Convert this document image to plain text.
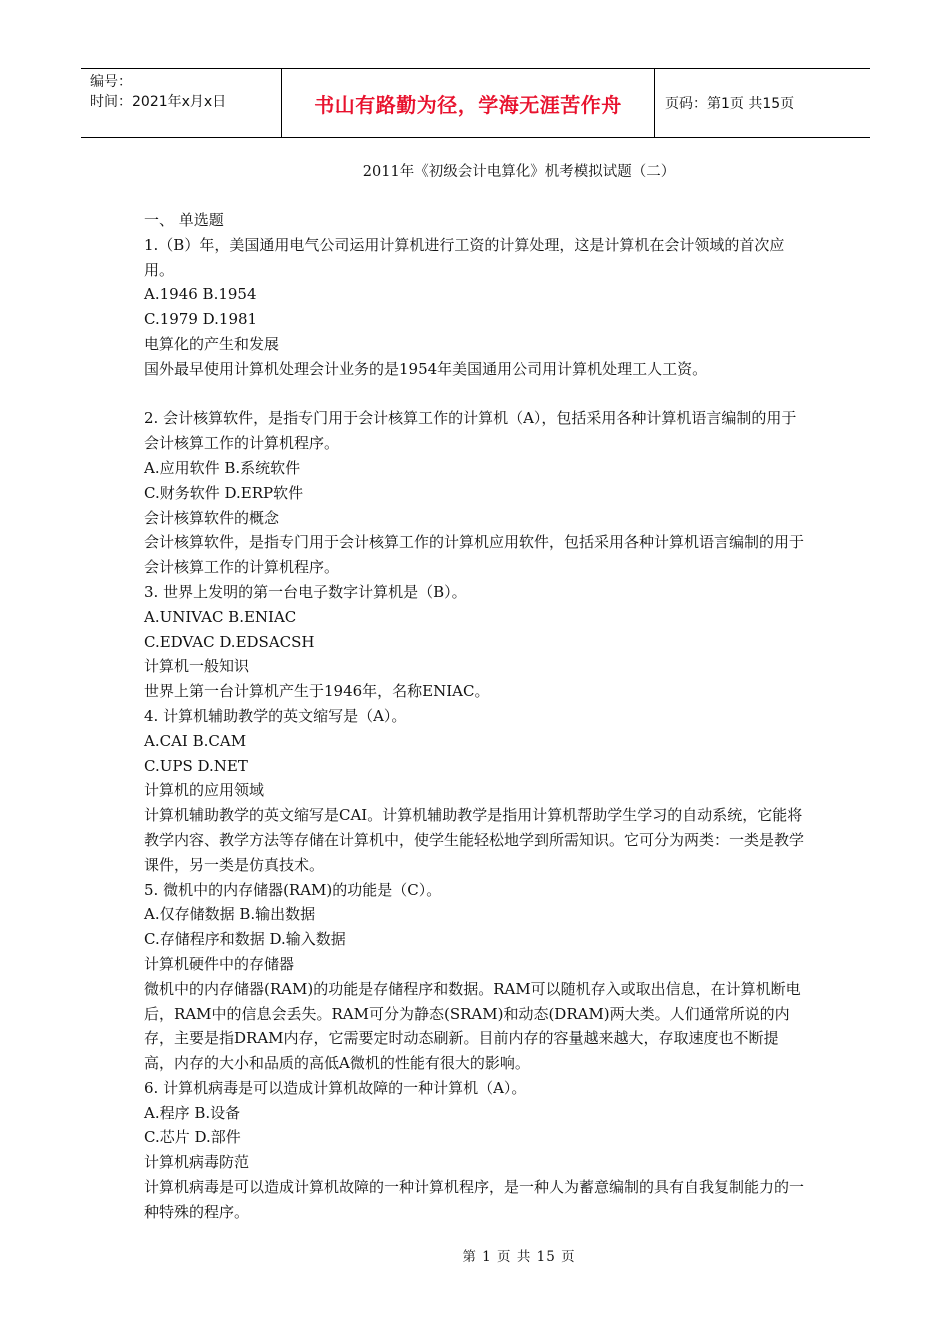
编号：
时间：2021年x月x日	书山有路勤为径，学海无涯苦作舟	页码：第1页 共15页
2011年《初级会计电算化》机考模拟试题（二）
一、 单选题
1.（B）年，美国通用电气公司运用计算机进行工资的计算处理，这是计算机在会计领域的首次应用。
A.1946 B.1954
C.1979 D.1981
电算化的产生和发展
国外最早使用计算机处理会计业务的是1954年美国通用公司用计算机处理工人工资。
2. 会计核算软件，是指专门用于会计核算工作的计算机（A），包括采用各种计算机语言编制的用于会计核算工作的计算机程序。
A.应用软件 B.系统软件
C.财务软件 D.ERP软件
会计核算软件的概念
会计核算软件，是指专门用于会计核算工作的计算机应用软件，包括采用各种计算机语言编制的用于会计核算工作的计算机程序。
3. 世界上发明的第一台电子数字计算机是（B）。
A.UNIVAC B.ENIAC
C.EDVAC D.EDSACSH
计算机一般知识
世界上第一台计算机产生于1946年，名称ENIAC。
4. 计算机辅助教学的英文缩写是（A）。
A.CAI B.CAM
C.UPS D.NET
计算机的应用领域
计算机辅助教学的英文缩写是CAI。计算机辅助教学是指用计算机帮助学生学习的自动系统，它能将教学内容、教学方法等存储在计算机中，使学生能轻松地学到所需知识。它可分为两类：一类是教学课件，另一类是仿真技术。
5. 微机中的内存储器(RAM)的功能是（C）。
A.仅存储数据 B.输出数据
C.存储程序和数据 D.输入数据
计算机硬件中的存储器
微机中的内存储器(RAM)的功能是存储程序和数据。RAM可以随机存入或取出信息，在计算机断电后，RAM中的信息会丢失。RAM可分为静态(SRAM)和动态(DRAM)两大类。人们通常所说的内存，主要是指DRAM内存，它需要定时动态刷新。目前内存的容量越来越大，存取速度也不断提高，内存的大小和品质的高低A微机的性能有很大的影响。
6. 计算机病毒是可以造成计算机故障的一种计算机（A）。
A.程序 B.设备
C.芯片 D.部件
计算机病毒防范
计算机病毒是可以造成计算机故障的一种计算机程序，是一种人为蓄意编制的具有自我复制能力的一种特殊的程序。
第 1 页 共 15 页
